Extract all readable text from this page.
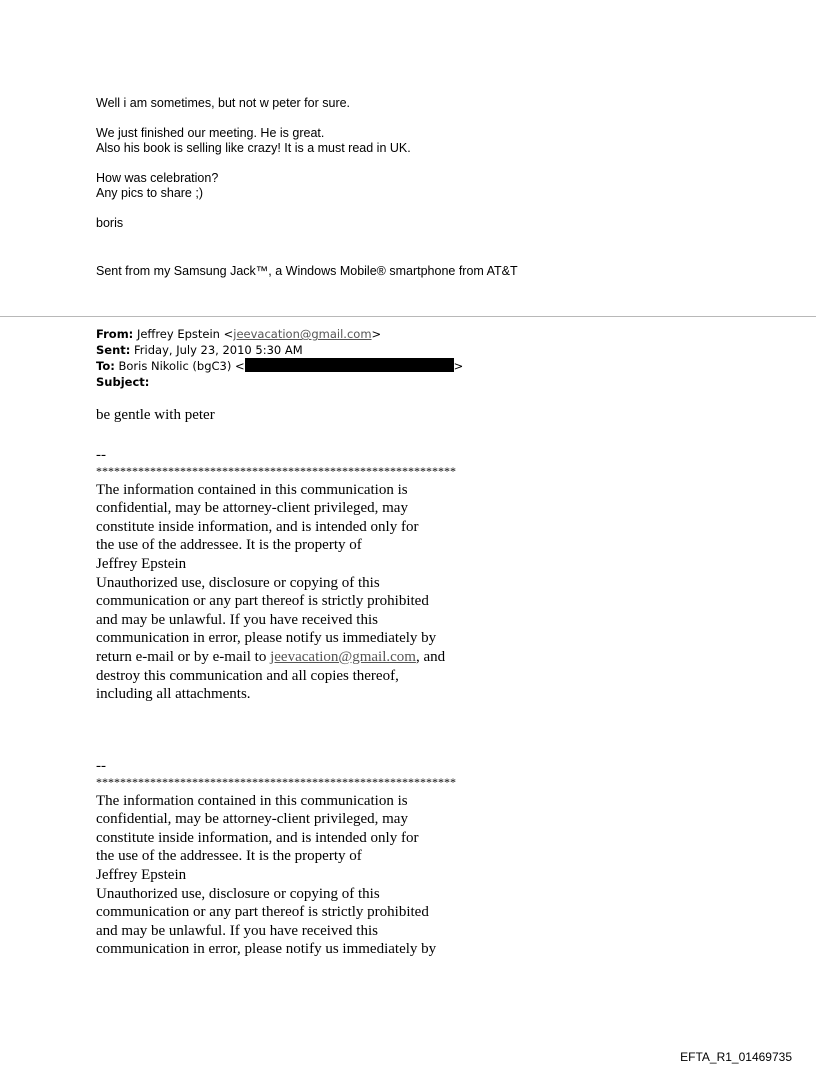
Well i am sometimes, but not w peter for sure.
We just finished our meeting. He is great.
Also his book is selling like crazy! It is a must read in UK.
How was celebration?
Any pics to share ;)
boris
Sent from my Samsung Jack™, a Windows Mobile® smartphone from AT&T
From: Jeffrey Epstein <jeevacation@gmail.com>
Sent: Friday, July 23, 2010 5:30 AM
To: Boris Nikolic (bgC3) <	>
Subject:
be gentle with peter
--
************************************************************
The information contained in this communication is
confidential, may be attorney-client privileged, may
constitute inside information, and is intended only for
the use of the addressee. It is the property of
Jeffrey Epstein
Unauthorized use, disclosure or copying of this
communication or any part thereof is strictly prohibited
and may be unlawful. If you have received this
communication in error, please notify us immediately by
return e-mail or by e-mail to jeevacation@gmail.com, and
destroy this communication and all copies thereof,
including all attachments.
--
************************************************************
The information contained in this communication is
confidential, may be attorney-client privileged, may
constitute inside information, and is intended only for
the use of the addressee. It is the property of
Jeffrey Epstein
Unauthorized use, disclosure or copying of this
communication or any part thereof is strictly prohibited
and may be unlawful. If you have received this
communication in error, please notify us immediately by
EFTA_R1_01469735
